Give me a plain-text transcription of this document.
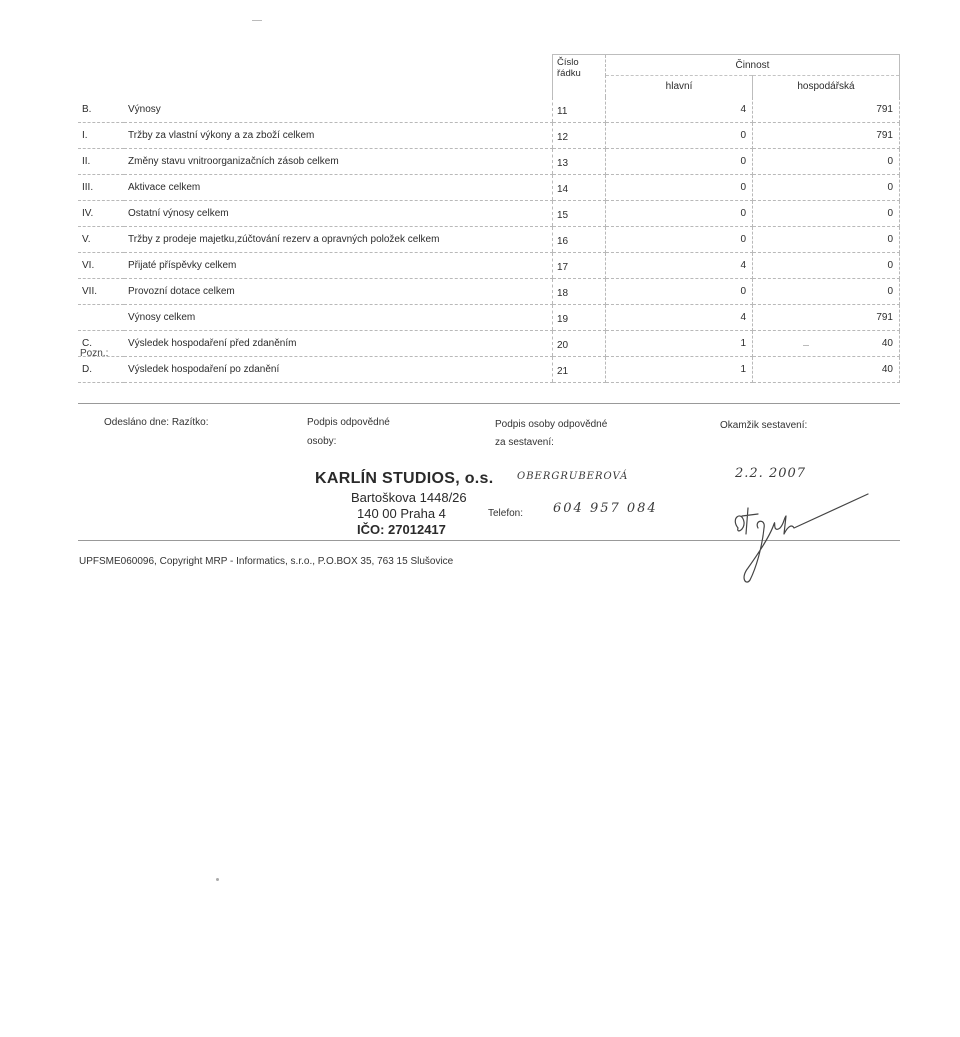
		Číslo řádku	Činnost	
			hlavní	hospodářská
B.	Výnosy	11	4	791
I.	Tržby za vlastní výkony a za zboží celkem	12	0	791
II.	Změny stavu vnitroorganizačních zásob celkem	13	0	0
III.	Aktivace celkem	14	0	0
IV.	Ostatní výnosy celkem	15	0	0
V.	Tržby z prodeje majetku,zúčtování rezerv a opravných položek celkem	16	0	0
VI.	Přijaté příspěvky celkem	17	4	0
VII.	Provozní dotace celkem	18	0	0
	Výnosy celkem	19	4	791
C.	Výsledek hospodaření před zdaněním	20	1	40
D.	Výsledek hospodaření po zdanění	21	1	40
Pozn.:
Odesláno dne: Razítko:	Podpis odpovědné
osoby:
Podpis osoby odpovědné
za sestavení:
Okamžik sestavení:
KARLÍN STUDIOS, o.s. OBERGRUBEROVÁ
Bartoškova 1448/26
140 00 Praha 4
IČO: 27012417
Telefon: 604 957 084
2.2. 2007
UPFSME060096, Copyright MRP - Informatics, s.r.o., P.O.BOX 35, 763 15 Slušovice
